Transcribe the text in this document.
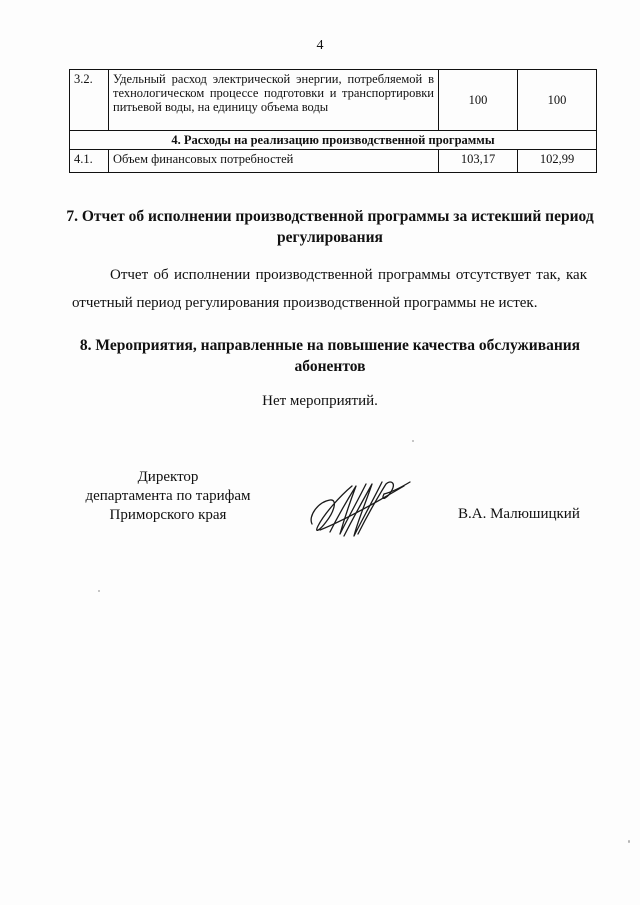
4
3.2.	Удельный расход электрической энергии, потребляемой в технологическом процессе подготовки и транспортировки питьевой воды, на единицу объема воды	100	100
4. Расходы на реализацию производственной программы			
4.1.	Объем финансовых потребностей	103,17	102,99
7. Отчет об исполнении производственной программы за истекший период регулирования
Отчет об исполнении производственной программы отсутствует так, как отчетный период регулирования производственной программы не истек.
8. Мероприятия, направленные на повышение качества обслуживания абонентов
Нет мероприятий.
Директор
департамента по тарифам
Приморского края	В.А. Малюшицкий
